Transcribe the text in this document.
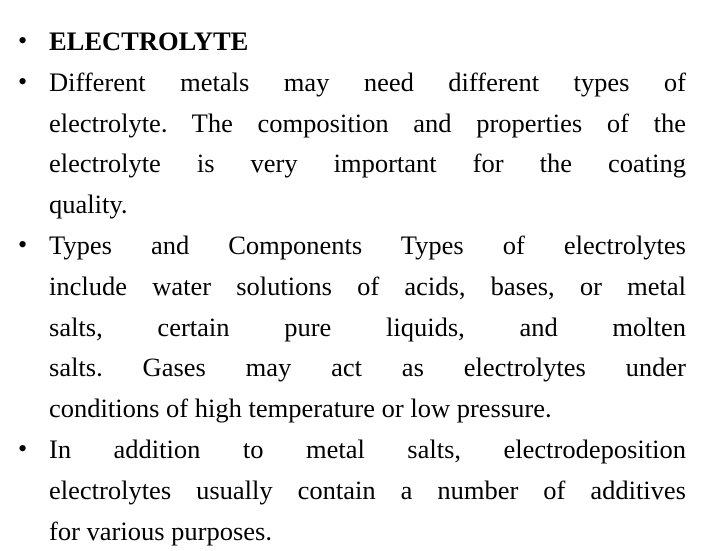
• ELECTROLYTE
• Different metals may need different types of
electrolyte. The composition and properties of the
electrolyte is very important for the coating
quality.
• Types and Components Types of electrolytes
include water solutions of acids, bases, or metal
salts, certain pure liquids, and molten
salts. Gases may act as electrolytes under
conditions of high temperature or low pressure.
• In addition to metal salts, electrodeposition
electrolytes usually contain a number of additives
for various purposes.
